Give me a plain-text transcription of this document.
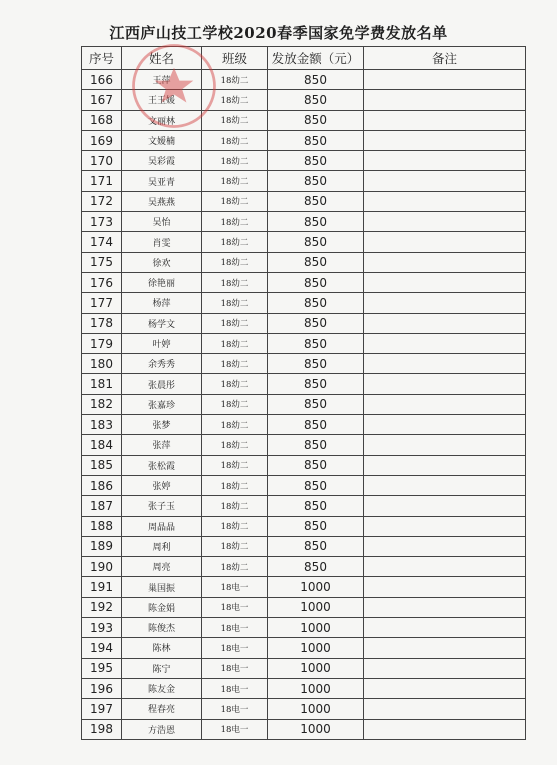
江西庐山技工学校2020春季国家免学费发放名单
序号	姓名	班级	发放金额（元）	备注
166	王萍	18幼二	850	
167	王玉媛	18幼二	850	
168	文丽林	18幼二	850	
169	文嫒楠	18幼二	850	
170	吴彩霞	18幼二	850	
171	吴亚青	18幼二	850	
172	吴燕燕	18幼二	850	
173	吴怡	18幼二	850	
174	肖雯	18幼二	850	
175	徐欢	18幼二	850	
176	徐艳丽	18幼二	850	
177	杨萍	18幼二	850	
178	杨学文	18幼二	850	
179	叶婷	18幼二	850	
180	余秀秀	18幼二	850	
181	张晨彤	18幼二	850	
182	张嘉珍	18幼二	850	
183	张梦	18幼二	850	
184	张萍	18幼二	850	
185	张松霞	18幼二	850	
186	张婷	18幼二	850	
187	张子玉	18幼二	850	
188	周晶晶	18幼二	850	
189	周利	18幼二	850	
190	周亮	18幼二	850	
191	巢国振	18电一	1000	
192	陈金娟	18电一	1000	
193	陈俊杰	18电一	1000	
194	陈林	18电一	1000	
195	陈宁	18电一	1000	
196	陈友金	18电一	1000	
197	程春亮	18电一	1000	
198	方浩恩	18电一	1000	
